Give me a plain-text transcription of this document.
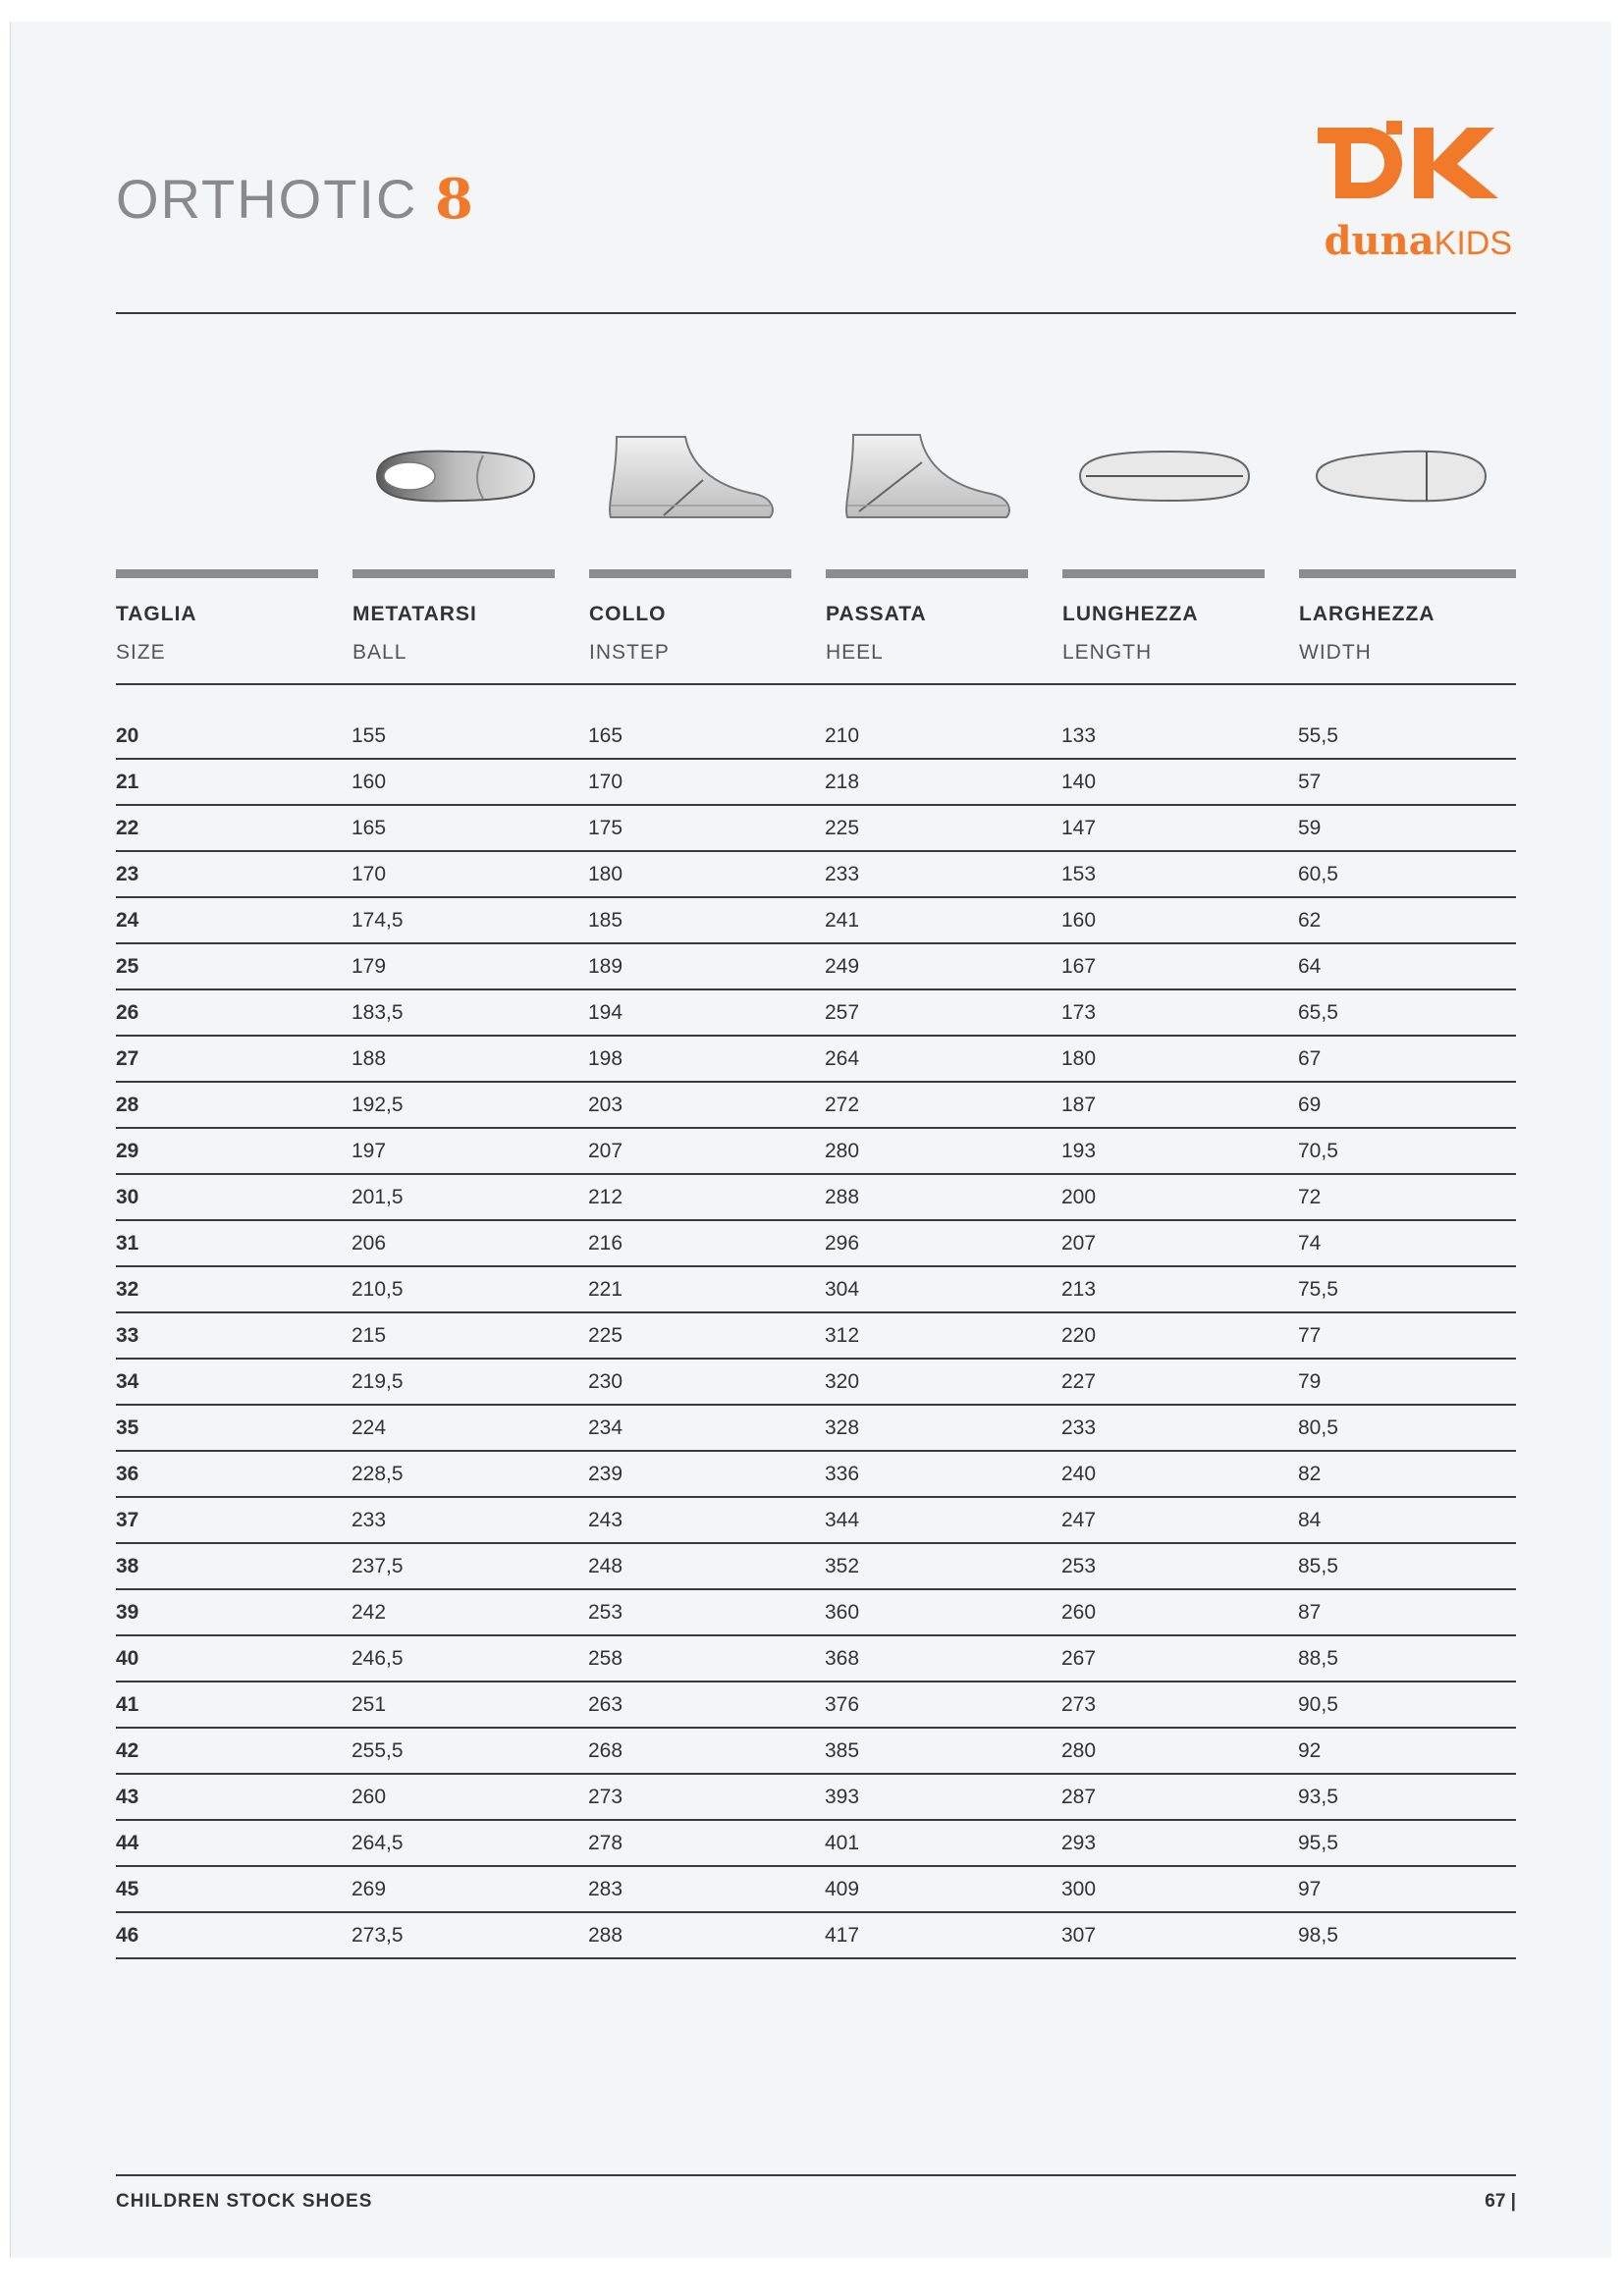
ORTHOTIC 8
dunaKIDS
TAGLIA
SIZE
METATARSI
BALL
COLLO
INSTEP
PASSATA
HEEL
LUNGHEZZA
LENGTH
LARGHEZZA
WIDTH
20	155	165	210	133	55,5
21	160	170	218	140	57
22	165	175	225	147	59
23	170	180	233	153	60,5
24	174,5	185	241	160	62
25	179	189	249	167	64
26	183,5	194	257	173	65,5
27	188	198	264	180	67
28	192,5	203	272	187	69
29	197	207	280	193	70,5
30	201,5	212	288	200	72
31	206	216	296	207	74
32	210,5	221	304	213	75,5
33	215	225	312	220	77
34	219,5	230	320	227	79
35	224	234	328	233	80,5
36	228,5	239	336	240	82
37	233	243	344	247	84
38	237,5	248	352	253	85,5
39	242	253	360	260	87
40	246,5	258	368	267	88,5
41	251	263	376	273	90,5
42	255,5	268	385	280	92
43	260	273	393	287	93,5
44	264,5	278	401	293	95,5
45	269	283	409	300	97
46	273,5	288	417	307	98,5
CHILDREN STOCK SHOES	67 |
